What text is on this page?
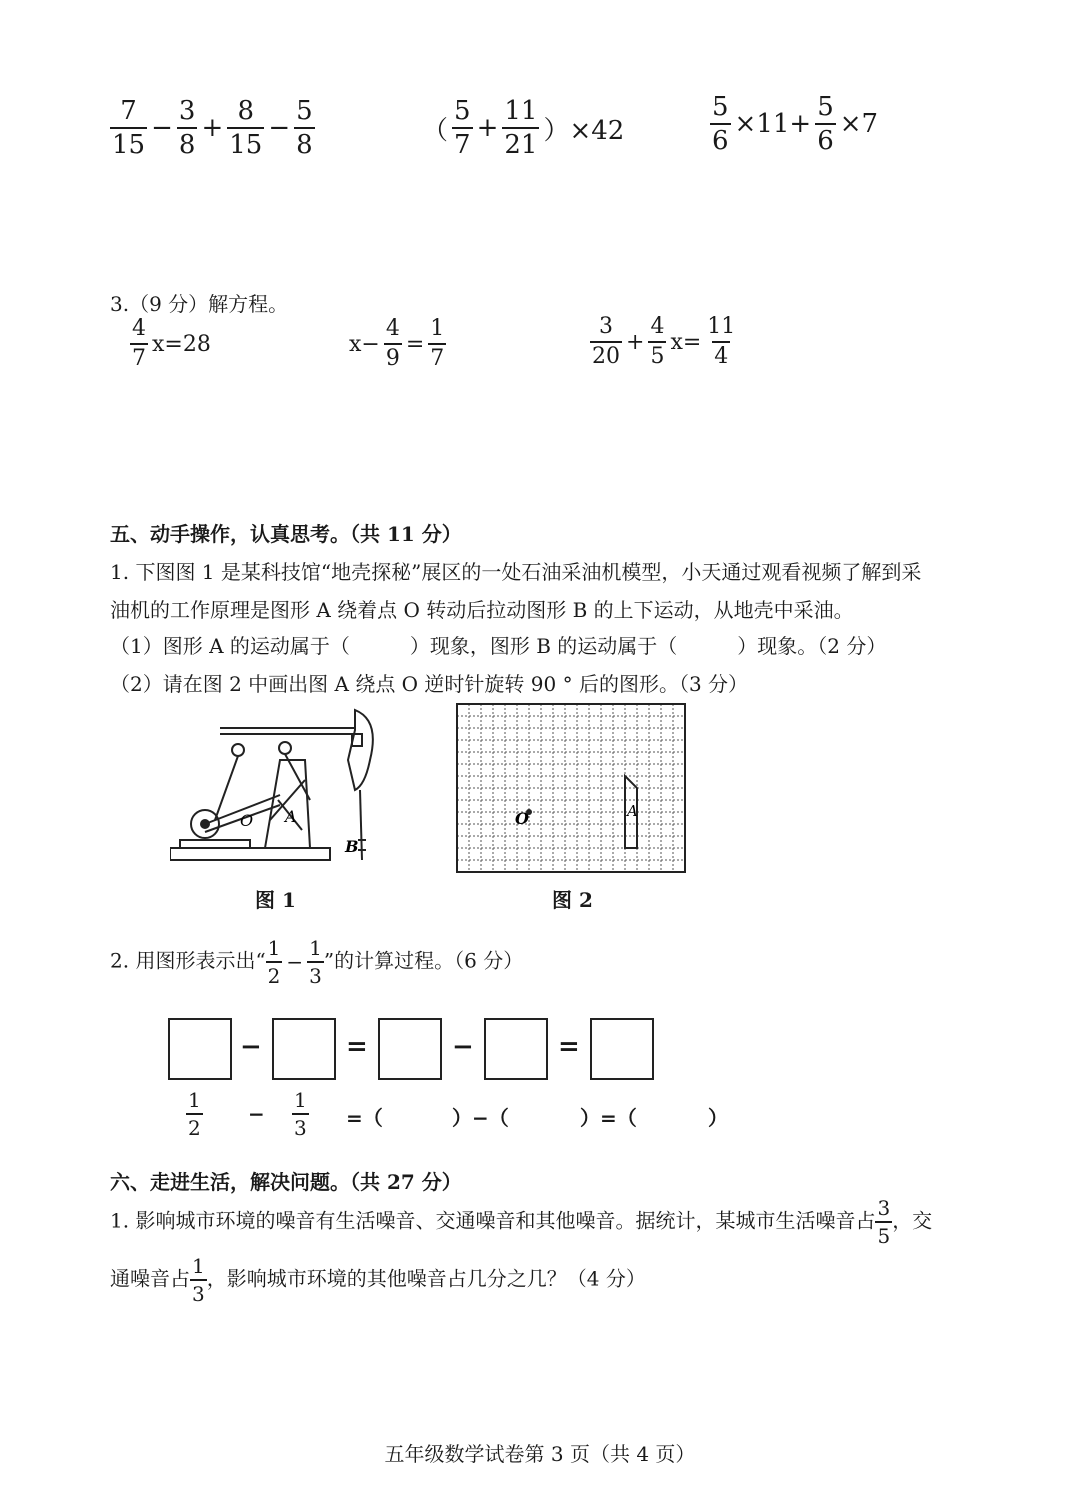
$\frac{7}{15} - \frac{3}{8} + \frac{8}{15} - \frac{5}{8}$	（ $\frac{5}{7} + \frac{11}{21} )\times 42$	$\frac{5}{6} \times 11+ \frac{5}{6} \times 7$
3.（9 分）解方程。
$\frac{4}{7} x=28$	$x- \frac{4}{9} = \frac{1}{7}$	$\frac{3}{20} + \frac{4}{5} x= \frac{11}{4}$
五、动手操作，认真思考。（共 11 分）
1. 下图图 1 是某科技馆“地壳探秘”展区的一处石油采油机模型，小天通过观看视频了解到采
油机的工作原理是图形 A 绕着点 O 转动后拉动图形 B 的上下运动，从地壳中采油。
（1）图形 A 的运动属于（　　　）现象，图形 B 的运动属于（　　　）现象。（2 分）
（2）请在图 2 中画出图 A 绕点 O 逆时针旋转 90 ° 后的图形。（3 分）
A
O
B
图 1
O	A
图 2
2. 用图形表示出“ $\frac{1}{2} - \frac{1}{3}$ ”的计算过程。（6 分）
−	=	−	=
$\frac{1}{2} - \frac{1}{3}$ =（	）−（	）=（	）
六、走进生活，解决问题。（共 27 分）
1. 影响城市环境的噪音有生活噪音、交通噪音和其他噪音。据统计，某城市生活噪音占 $\frac{3}{5}$ ，交
通噪音占 $\frac{1}{3}$ ，影响城市环境的其他噪音占几分之几？（4 分）
五年级数学试卷第 3 页（共 4 页）
